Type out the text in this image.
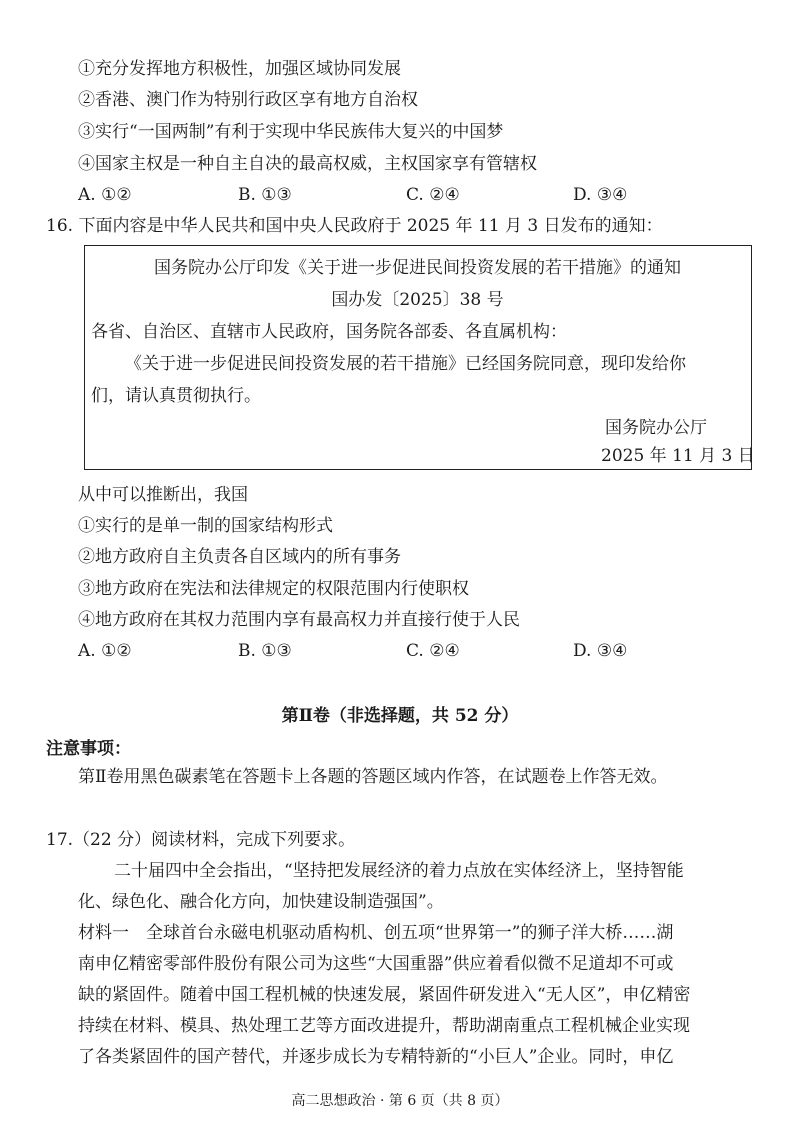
①充分发挥地方积极性，加强区域协同发展
②香港、澳门作为特别行政区享有地方自治权
③实行“一国两制”有利于实现中华民族伟大复兴的中国梦
④国家主权是一种自主自决的最高权威，主权国家享有管辖权
A. ①②	B. ①③	C. ②④	D. ③④
16. 下面内容是中华人民共和国中央人民政府于 2025 年 11 月 3 日发布的通知：
国务院办公厅印发《关于进一步促进民间投资发展的若干措施》的通知
国办发〔2025〕38 号
各省、自治区、直辖市人民政府，国务院各部委、各直属机构：
《关于进一步促进民间投资发展的若干措施》已经国务院同意，现印发给你
们，请认真贯彻执行。
国务院办公厅
2025 年 11 月 3 日
从中可以推断出，我国
①实行的是单一制的国家结构形式
②地方政府自主负责各自区域内的所有事务
③地方政府在宪法和法律规定的权限范围内行使职权
④地方政府在其权力范围内享有最高权力并直接行使于人民
A. ①②	B. ①③	C. ②④	D. ③④
第Ⅱ卷（非选择题，共 52 分）
注意事项：
第Ⅱ卷用黑色碳素笔在答题卡上各题的答题区域内作答，在试题卷上作答无效。
17.（22 分）阅读材料，完成下列要求。
二十届四中全会指出，“坚持把发展经济的着力点放在实体经济上，坚持智能
化、绿色化、融合化方向，加快建设制造强国”。
材料一　全球首台永磁电机驱动盾构机、创五项“世界第一”的狮子洋大桥……湖
南申亿精密零部件股份有限公司为这些“大国重器”供应着看似微不足道却不可或
缺的紧固件。随着中国工程机械的快速发展，紧固件研发进入“无人区”，申亿精密
持续在材料、模具、热处理工艺等方面改进提升，帮助湖南重点工程机械企业实现
了各类紧固件的国产替代，并逐步成长为专精特新的“小巨人”企业。同时，申亿
高二思想政治 · 第 6 页（共 8 页）
